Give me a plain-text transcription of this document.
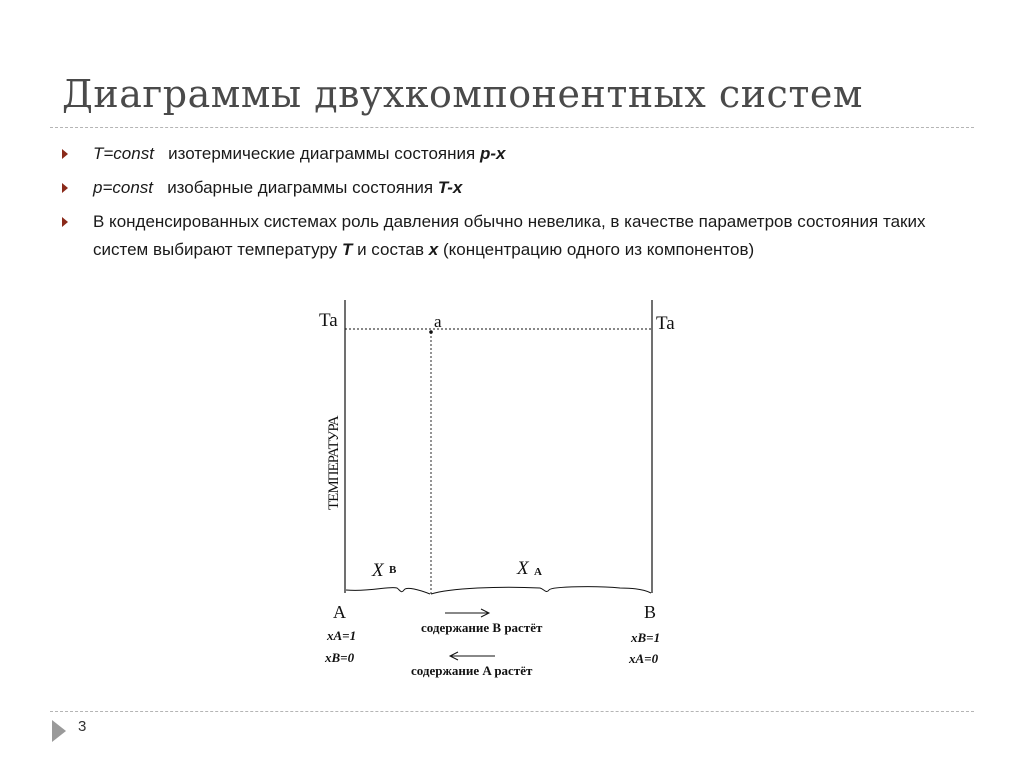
Диаграммы двухкомпонентных систем
T=const изотермические диаграммы состояния p-x
p=const изобарные диаграммы состояния T-x
В конденсированных системах роль давления обычно невелика, в качестве параметров состояния таких систем выбирают температуру T и состав x (концентрацию одного из компонентов)
Ta	Ta
a
ТЕМПЕРАТУРА
X B	X A
A	B
xA=1
xB=0
xB=1
xA=0
содержание B растёт
содержание A растёт
3
